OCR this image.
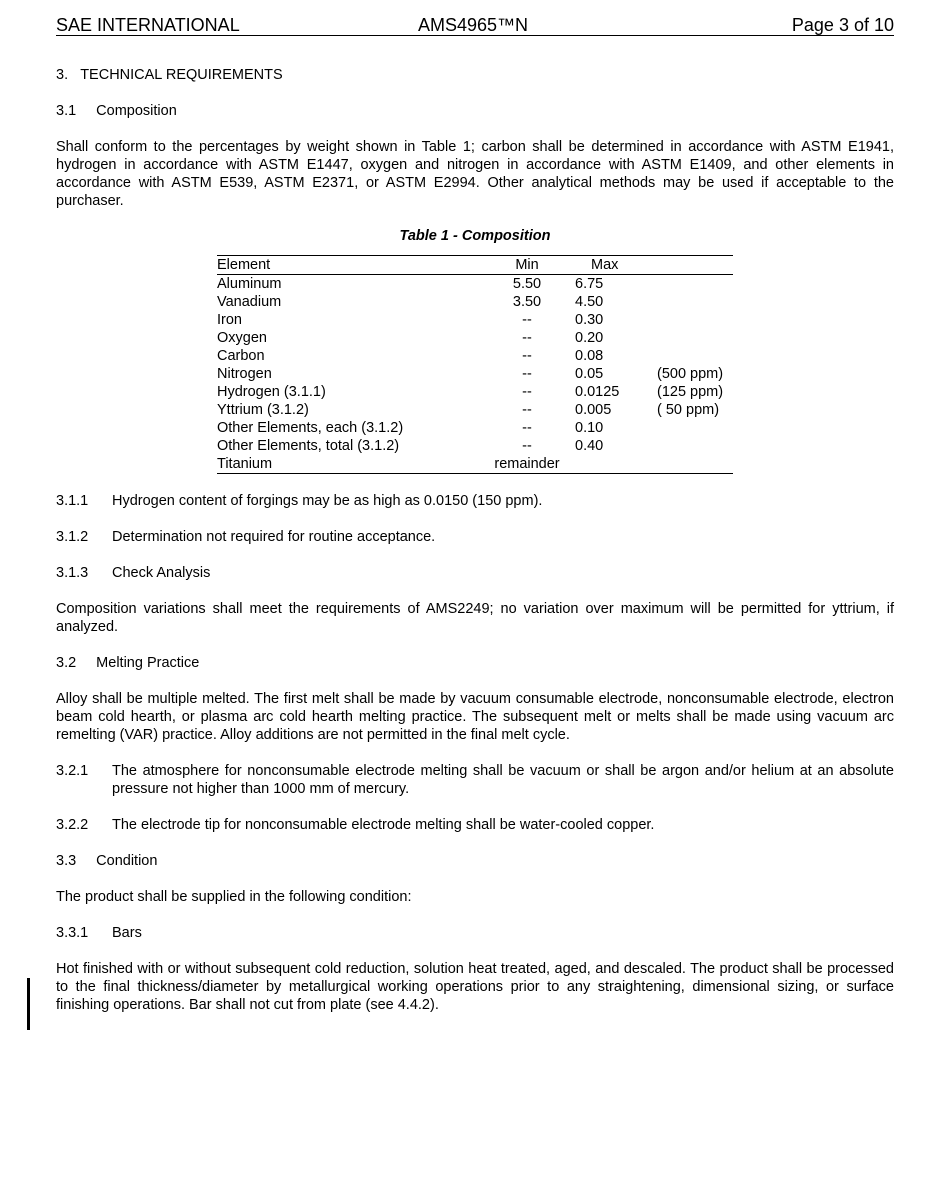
SAE INTERNATIONAL	AMS4965™N	Page 3 of 10

3. TECHNICAL REQUIREMENTS

3.1 Composition

Shall conform to the percentages by weight shown in Table 1; carbon shall be determined in accordance with ASTM E1941, hydrogen in accordance with ASTM E1447, oxygen and nitrogen in accordance with ASTM E1409, and other elements in accordance with ASTM E539, ASTM E2371, or ASTM E2994. Other analytical methods may be used if acceptable to the purchaser.

Table 1 - Composition

Element	Min	Max	
Aluminum	5.50	6.75	
Vanadium	3.50	4.50	
Iron	--	0.30	
Oxygen	--	0.20	
Carbon	--	0.08	
Nitrogen	--	0.05	(500 ppm)
Hydrogen (3.1.1)	--	0.0125	(125 ppm)
Yttrium (3.1.2)	--	0.005	( 50 ppm)
Other Elements, each (3.1.2)	--	0.10	
Other Elements, total (3.1.2)	--	0.40	
Titanium	remainder		
3.1.1	Hydrogen content of forgings may be as high as 0.0150 (150 ppm).
3.1.2	Determination not required for routine acceptance.
3.1.3	Check Analysis

Composition variations shall meet the requirements of AMS2249; no variation over maximum will be permitted for yttrium, if analyzed.

3.2 Melting Practice

Alloy shall be multiple melted. The first melt shall be made by vacuum consumable electrode, nonconsumable electrode, electron beam cold hearth, or plasma arc cold hearth melting practice. The subsequent melt or melts shall be made using vacuum arc remelting (VAR) practice. Alloy additions are not permitted in the final melt cycle.

3.2.1	The atmosphere for nonconsumable electrode melting shall be vacuum or shall be argon and/or helium at an absolute pressure not higher than 1000 mm of mercury.
3.2.2	The electrode tip for nonconsumable electrode melting shall be water-cooled copper.

3.3 Condition

The product shall be supplied in the following condition:

3.3.1	Bars

Hot finished with or without subsequent cold reduction, solution heat treated, aged, and descaled. The product shall be processed to the final thickness/diameter by metallurgical working operations prior to any straightening, dimensional sizing, or surface finishing operations. Bar shall not cut from plate (see 4.4.2).
